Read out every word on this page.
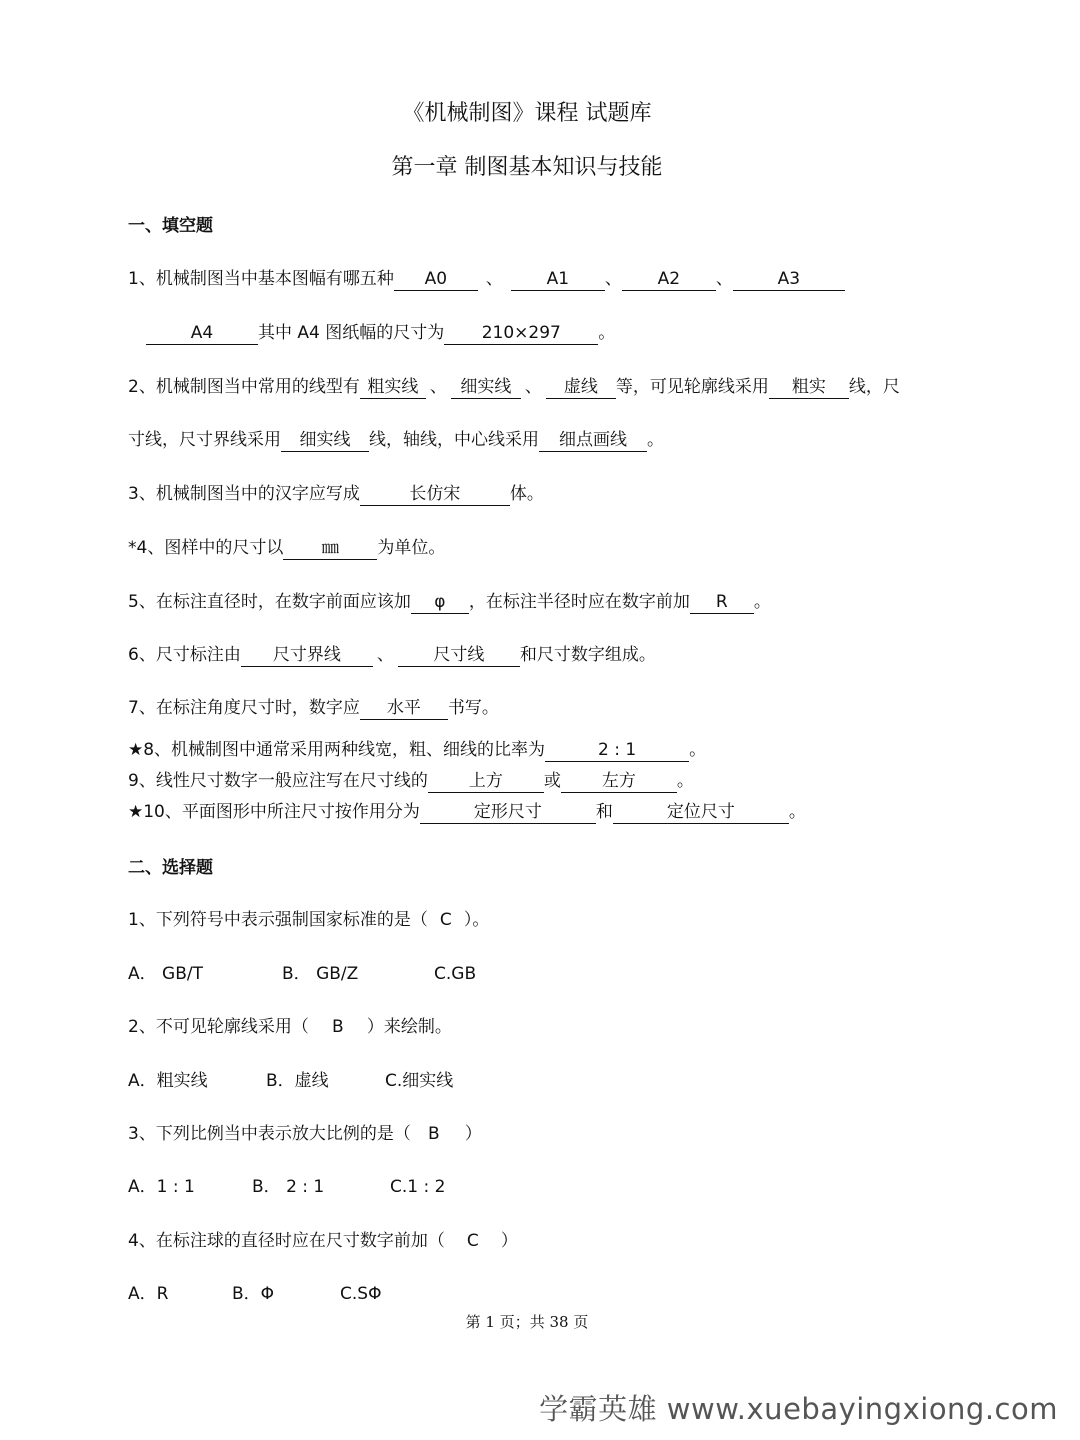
《机械制图》课程 试题库
第一章 制图基本知识与技能
一、填空题
1、机械制图当中基本图幅有哪五种 A0 、	A1 、 A2 、	A3
A4	其中 A4 图纸幅的尺寸为 210×297 。
2、机械制图当中常用的线型有 粗实线 、 细实线 、 虚线 等，可见轮廓线采用 粗实 线，尺
寸线，尺寸界线采用 细实线 线，轴线，中心线采用 细点画线 。
3、机械制图当中的汉字应写成	长仿宋	体。
*4、图样中的尺寸以 ㎜ 为单位。
5、在标注直径时，在数字前面应该加 φ ，在标注半径时应在数字前加 R 。
6、尺寸标注由 尺寸界线 、 尺寸线 和尺寸数字组成。
7、在标注角度尺寸时，数字应 水平 书写。
★8、机械制图中通常采用两种线宽，粗、细线的比率为	2 : 1	。
9、线性尺寸数字一般应注写在尺寸线的 上方 或 左方 。
★10、平面图形中所注尺寸按作用分为	定形尺寸	和	定位尺寸	。
二、选择题
1、下列符号中表示强制国家标准的是（ C ）。
A． GB/T	B． GB/Z	C.GB
2、不可见轮廓线采用（ B ）来绘制。
A．粗实线	B．虚线	C.细实线
3、下列比例当中表示放大比例的是（ B ）
A．1 : 1	B． 2 : 1	C.1 : 2
4、在标注球的直径时应在尺寸数字前加（ C ）
A．R	B．Φ	C.SΦ
第 1 页；共 38 页
学霸英雄 www.xuebayingxiong.com
